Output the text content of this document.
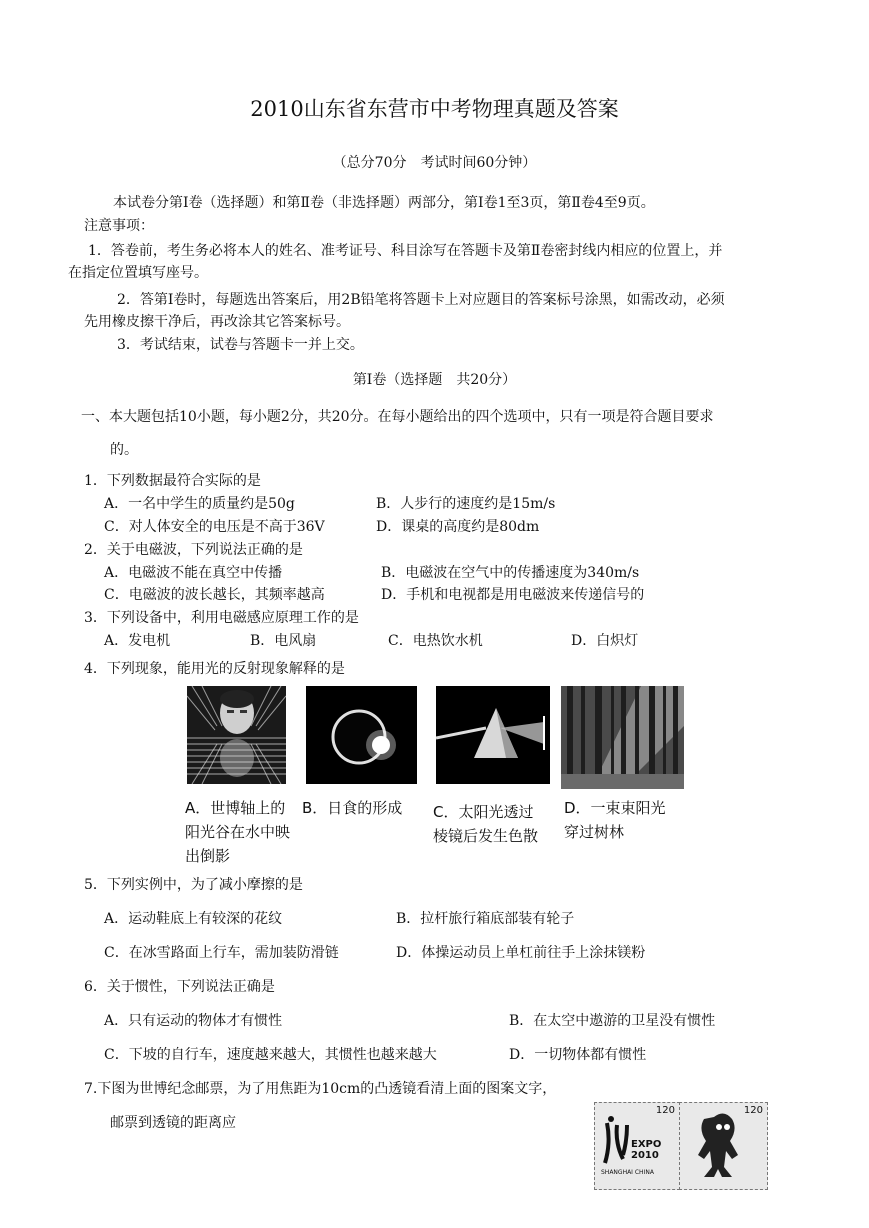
2010山东省东营市中考物理真题及答案
（总分70分　考试时间60分钟）
本试卷分第Ⅰ卷（选择题）和第Ⅱ卷（非选择题）两部分，第Ⅰ卷1至3页，第Ⅱ卷4至9页。
注意事项：
1．答卷前，考生务必将本人的姓名、准考证号、科目涂写在答题卡及第Ⅱ卷密封线内相应的位置上，并
在指定位置填写座号。
2．答第Ⅰ卷时，每题选出答案后，用2B铅笔将答题卡上对应题目的答案标号涂黑，如需改动，必须
先用橡皮擦干净后，再改涂其它答案标号。
3．考试结束，试卷与答题卡一并上交。
第Ⅰ卷（选择题　共20分）
一、本大题包括10小题，每小题2分，共20分。在每小题给出的四个选项中，只有一项是符合题目要求
的。
1．下列数据最符合实际的是
A．一名中学生的质量约是50g	B．人步行的速度约是15m/s
C．对人体安全的电压是不高于36V	D．课桌的高度约是80dm
2．关于电磁波，下列说法正确的是
A．电磁波不能在真空中传播	B．电磁波在空气中的传播速度为340m/s
C．电磁波的波长越长，其频率越高	D．手机和电视都是用电磁波来传递信号的
3．下列设备中，利用电磁感应原理工作的是
A．发电机	B．电风扇	C．电热饮水机	D．白炽灯
4．下列现象，能用光的反射现象解释的是
A．世博轴上的阳光谷在水中映出倒影
B．日食的形成	C．太阳光透过棱镜后发生色散
D．一束束阳光穿过树林
5．下列实例中，为了减小摩擦的是
A．运动鞋底上有较深的花纹	B．拉杆旅行箱底部装有轮子
C．在冰雪路面上行车，需加装防滑链	D．体操运动员上单杠前往手上涂抹镁粉
6．关于惯性，下列说法正确是
A．只有运动的物体才有惯性	B．在太空中遨游的卫星没有惯性
C．下坡的自行车，速度越来越大，其惯性也越来越大	D．一切物体都有惯性
7.下图为世博纪念邮票，为了用焦距为10cm的凸透镜看清上面的图案文字，
邮票到透镜的距离应
120
EXPO 2010
SHANGHAI CHINA
120
